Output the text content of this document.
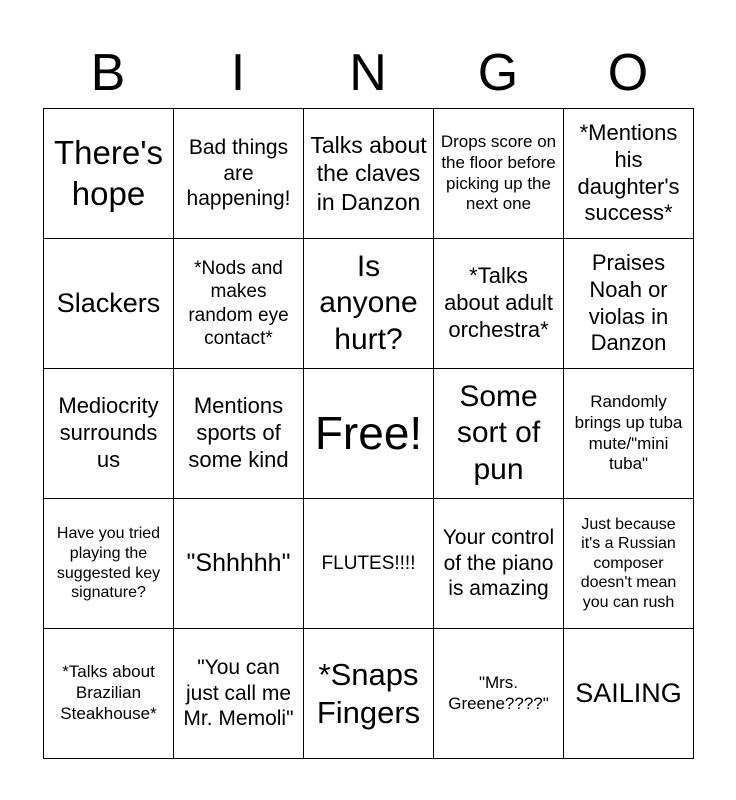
B	I	N	G	O
There's hope	Bad things are happening!	Talks about the claves in Danzon	Drops score on the floor before picking up the next one	*Mentions his daughter's success*
Slackers	*Nods and makes random eye contact*	Is anyone hurt?	*Talks about adult orchestra*	Praises Noah or violas in Danzon
Mediocrity surrounds us	Mentions sports of some kind	Free!	Some sort of pun	Randomly brings up tuba mute/"mini tuba"
Have you tried playing the suggested key signature?	"Shhhhh"	FLUTES!!!!	Your control of the piano is amazing	Just because it's a Russian composer doesn't mean you can rush
*Talks about Brazilian Steakhouse*	"You can just call me Mr. Memoli"	*Snaps Fingers	"Mrs. Greene????"	SAILING
